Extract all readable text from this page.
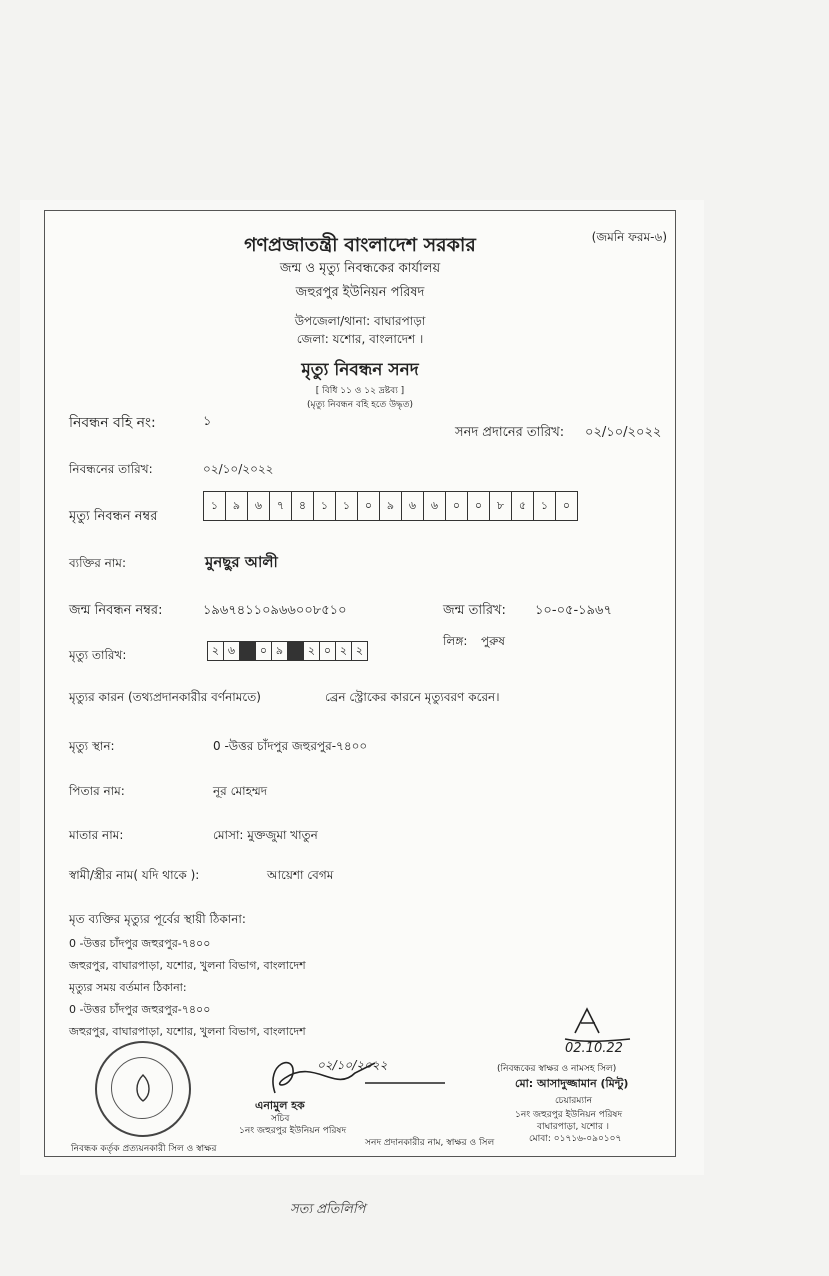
গণপ্রজাতন্ত্রী বাংলাদেশ সরকার	(জমনি ফরম-৬)
জন্ম ও মৃত্যু নিবন্ধকের কার্যালয়
জহুরপুর ইউনিয়ন পরিষদ
উপজেলা/থানা: বাঘারপাড়া
জেলা: যশোর, বাংলাদেশ ।
মৃত্যু নিবন্ধন সনদ
[ বিধি ১১ ও ১২ দ্রষ্টব্য ]
(মৃত্যু নিবন্ধন বহি হতে উদ্ধৃত)
নিবন্ধন বহি নং:	১
সনদ প্রদানের তারিখ: ০২/১০/২০২২
নিবন্ধনের তারিখ:	০২/১০/২০২২
মৃত্যু নিবন্ধন নম্বর
১	৯	৬	৭	৪	১	১	০	৯	৬	৬	০	০	৮	৫	১	০
ব্যক্তির নাম:	মুনছুর আলী
জন্ম নিবন্ধন নম্বর:	১৯৬৭৪১১০৯৬৬০০৮৫১০	জন্ম তারিখ: ১০-০৫-১৯৬৭
মৃত্যু তারিখ:	২ ৬	০ ৯	২ ০ ২ ২
লিঙ্গ: পুরুষ
মৃত্যুর কারন (তথ্যপ্রদানকারীর বর্ণনামতে)	ব্রেন স্ট্রোকের কারনে মৃত্যুবরণ করেন।
মৃত্যু স্থান:	0 -উত্তর চাঁদপুর জহুরপুর-৭৪০০
পিতার নাম:	নূর মোহম্মদ
মাতার নাম:	মোসা: মুক্তজুমা খাতুন
স্বামী/স্ত্রীর নাম( যদি থাকে ):	আয়েশা বেগম
মৃত ব্যক্তির মৃত্যুর পূর্বের স্থায়ী ঠিকানা:
0 -উত্তর চাঁদপুর জহুরপুর-৭৪০০
জহুরপুর, বাঘারপাড়া, যশোর, খুলনা বিভাগ, বাংলাদেশ
মৃত্যুর সময় বর্তমান ঠিকানা:
0 -উত্তর চাঁদপুর জহুরপুর-৭৪০০
জহুরপুর, বাঘারপাড়া, যশোর, খুলনা বিভাগ, বাংলাদেশ
02.10.22
(নিবন্ধকের স্বাক্ষর ও নামসহ সিল)
মো: আসাদুজ্জামান (মিন্টু)
চেয়ারম্যান
১নং জহুরপুর ইউনিয়ন পরিষদ
বাঘারপাড়া, যশোর ।
মোবা: ০১৭১৬-০৯০১০৭
০২/১০/২০২২
এনামুল হক
সচিব
১নং জহুরপুর ইউনিয়ন পরিষদ
সনদ প্রদানকারীর নাম, স্বাক্ষর ও সিল
নিবন্ধক কর্তৃক প্রত্যয়নকারী সিল ও স্বাক্ষর
সত্য প্রতিলিপি
